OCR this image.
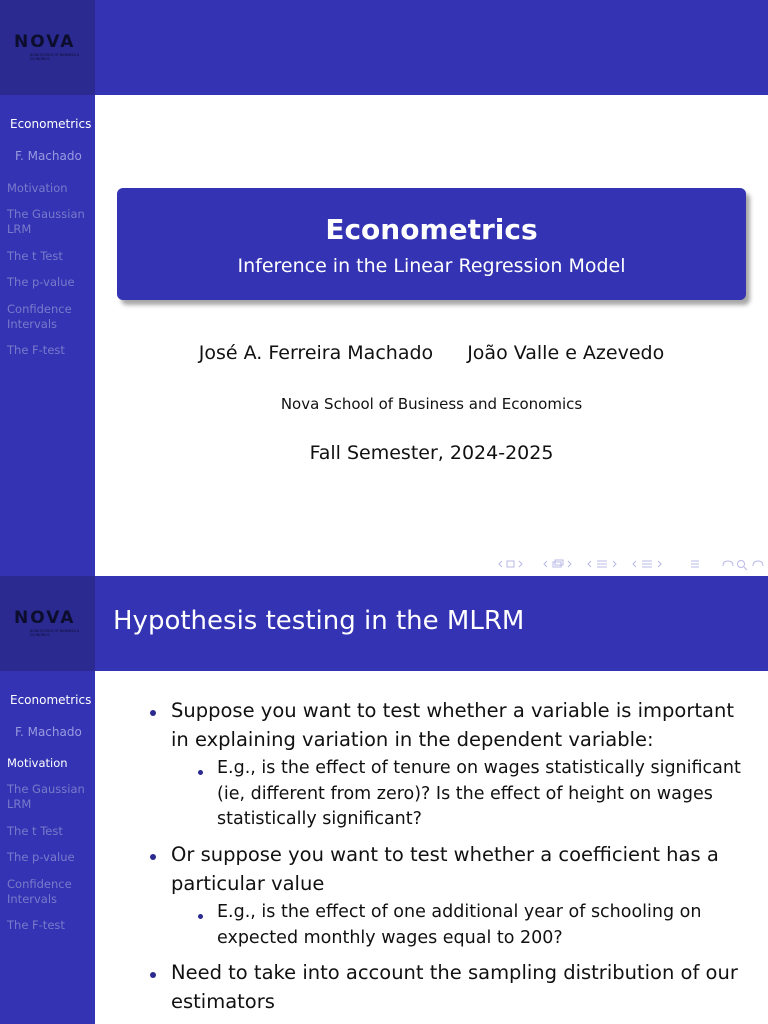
NOVA
NOVA SCHOOL OF BUSINESS & ECONOMICS
Econometrics
F. Machado
Motivation
The Gaussian LRM
The t Test
The p-value
Confidence Intervals
The F-test
Econometrics
Inference in the Linear Regression Model
José A. Ferreira Machado João Valle e Azevedo
Nova School of Business and Economics
Fall Semester, 2024-2025
NOVA
NOVA SCHOOL OF BUSINESS & ECONOMICS
Econometrics
F. Machado
Motivation
The Gaussian LRM
The t Test
The p-value
Confidence Intervals
The F-test
Hypothesis testing in the MLRM
Suppose you want to test whether a variable is important in explaining variation in the dependent variable:
E.g., is the effect of tenure on wages statistically significant (ie, different from zero)? Is the effect of height on wages statistically significant?
Or suppose you want to test whether a coefficient has a particular value
E.g., is the effect of one additional year of schooling on expected monthly wages equal to 200?
Need to take into account the sampling distribution of our estimators
